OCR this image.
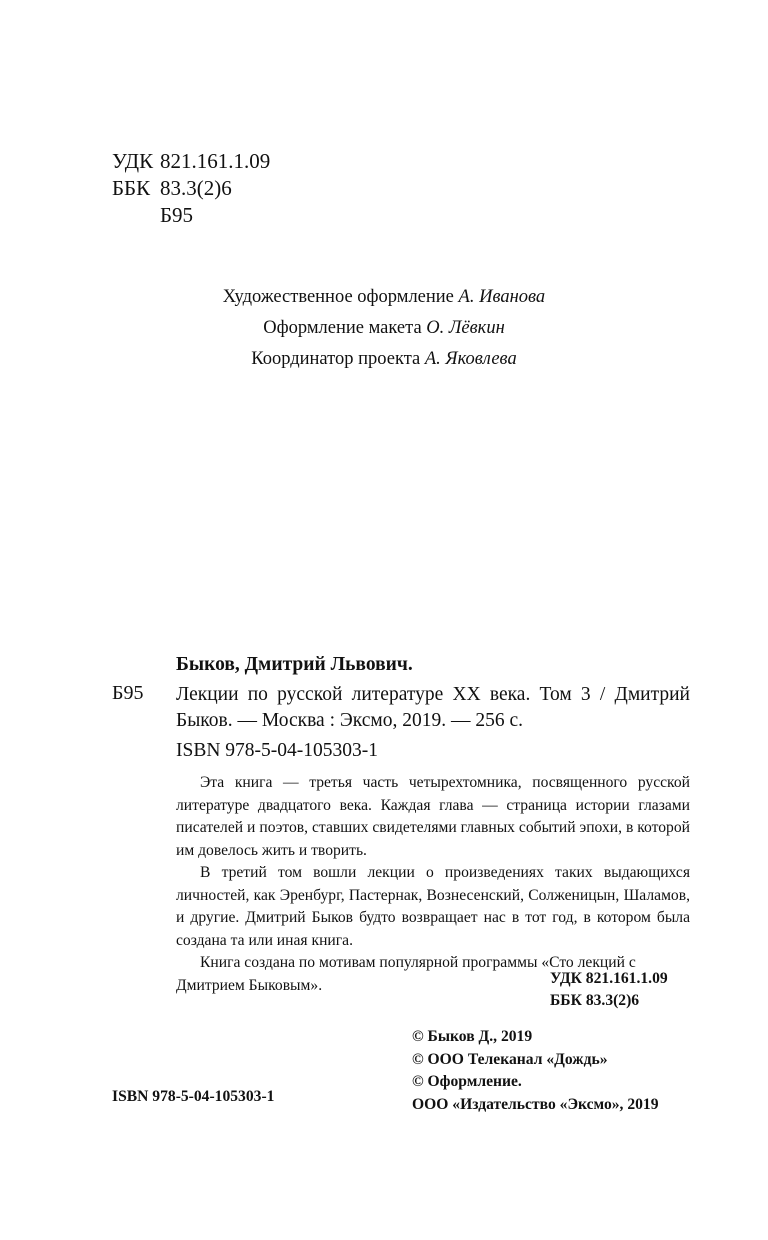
УДК 821.161.1.09
ББК 83.3(2)6
Б95
Художественное оформление А. Иванова
Оформление макета О. Лёвкин
Координатор проекта А. Яковлева
Быков, Дмитрий Львович.
Б95 Лекции по русской литературе XX века. Том 3 / Дмитрий Быков. — Москва : Эксмо, 2019. — 256 с.
ISBN 978-5-04-105303-1

Эта книга — третья часть четырехтомника, посвященного русской литературе двадцатого века. Каждая глава — страница истории глазами писателей и поэтов, ставших свидетелями главных событий эпохи, в которой им довелось жить и творить.

В третий том вошли лекции о произведениях таких выдающихся личностей, как Эренбург, Пастернак, Вознесенский, Солженицын, Шаламов, и другие. Дмитрий Быков будто возвращает нас в тот год, в котором была создана та или иная книга.

Книга создана по мотивам популярной программы «Сто лекций с Дмитрием Быковым».	УДК 821.161.1.09
ББК 83.3(2)6
© Быков Д., 2019
© ООО Телеканал «Дождь»
© Оформление.
ООО «Издательство «Эксмо», 2019
ISBN 978-5-04-105303-1
